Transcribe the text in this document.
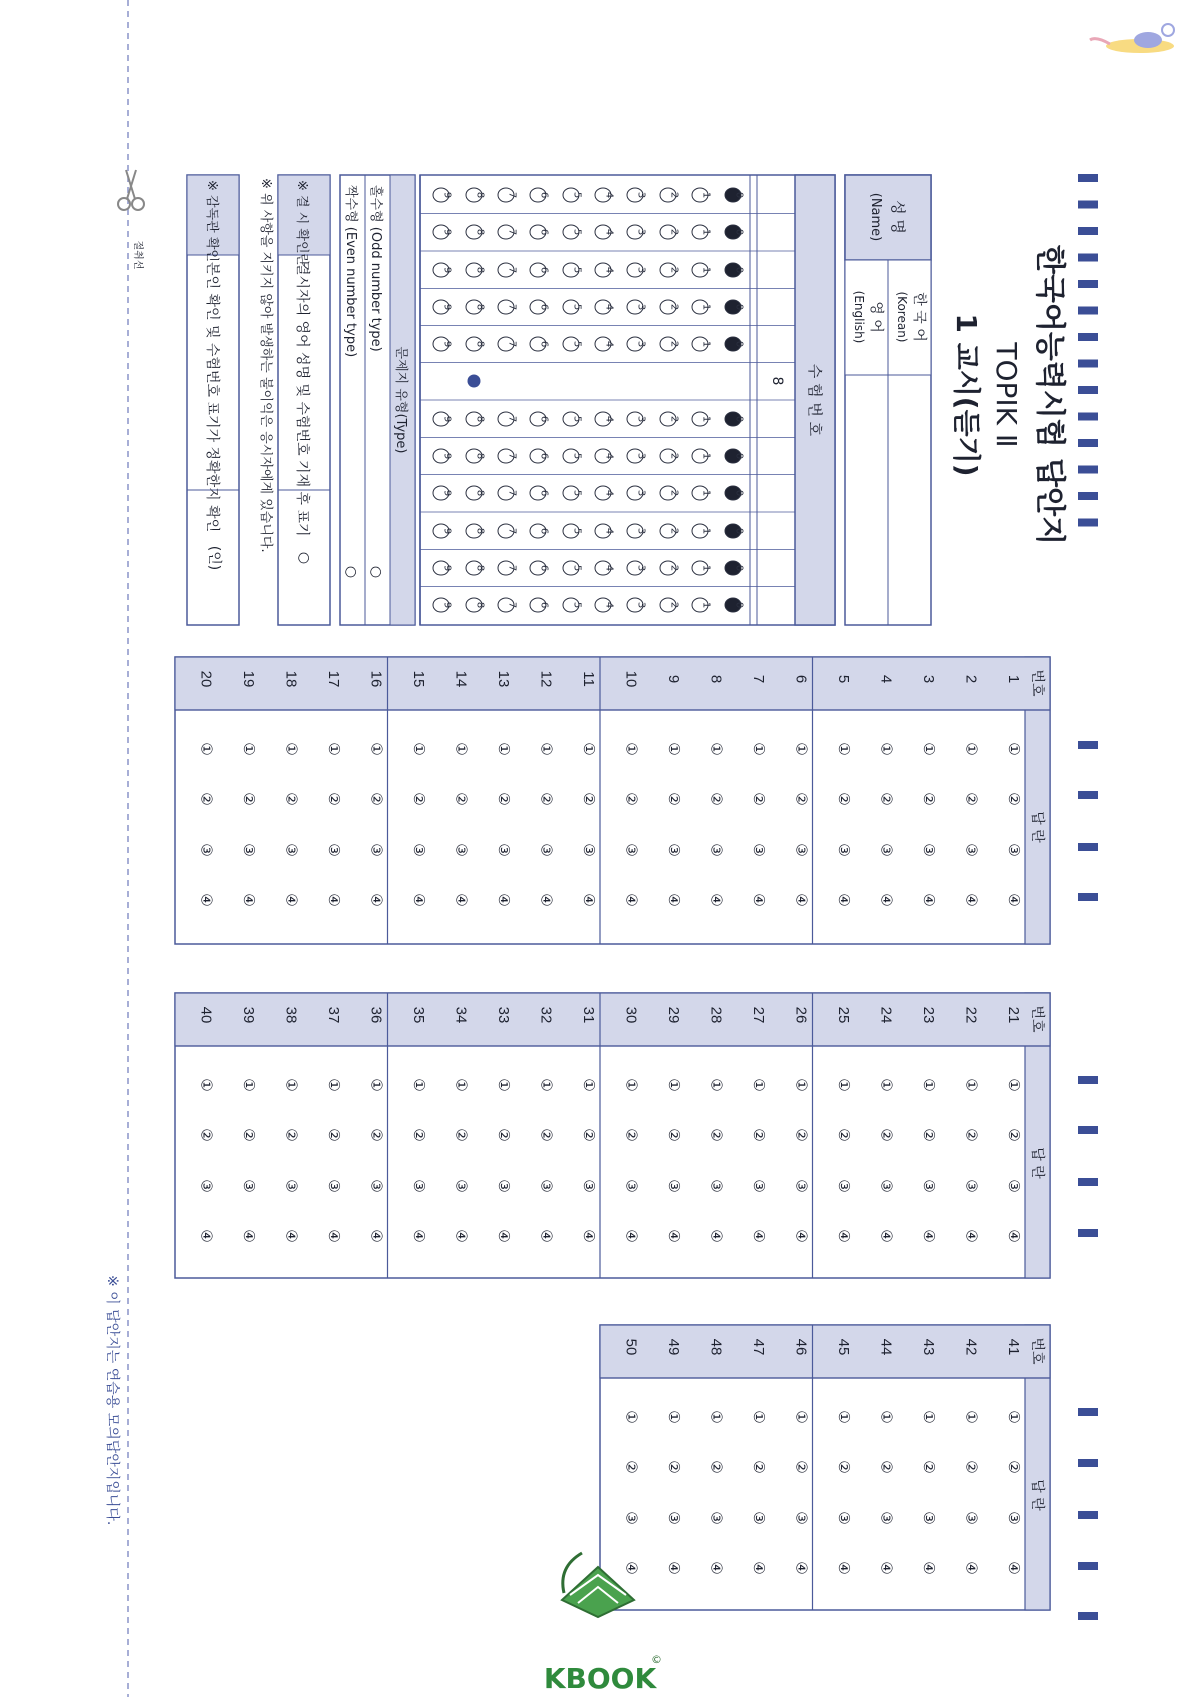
절취선	한국어능력시험 답안지
TOPIK Ⅱ
1 교시(듣기)
성 명
(Name)
한 국 어
(Korean)
영 어
(English)
수 험 번 호
8
0
1
2
3
4
5
6
7
8
9
0
1
2
3
4
5
6
7
8
9
0
1
2
3
4
5
6
7
8
9
0
1
2
3
4
5
6
7
8
9
0
1
2
3
4
5
6
7
8
9
0
1
2
3
4
5
6
7
8
9
0
1
2
3
4
5
6
7
8
9
0
1
2
3
4
5
6
7
8
9
0
1
2
3
4
5
6
7
8
9
0
1
2
3
4
5
6
7
8
9
0
1
2
3
4
5
6
7
8
9
문제지 유형(Type)
홀수형 (Odd number type)
짝수형 (Even number type)
○
○
※ 결 시 확인란
결시자의 영어 성명 및 수험번호 기재 후 표기
○
※ 위 사항을 지키지 않아 발생하는 불이익은 응시자에게 있습니다.
※ 감독관 확인
본인 확인 및 수험번호 표기가 정확한지 확인
(인)
번호
답 란
1
①
②
③
④
2
①
②
③
④
3
①
②
③
④
4
①
②
③
④
5
①
②
③
④
6
①
②
③
④
7
①
②
③
④
8
①
②
③
④
9
①
②
③
④
10
①
②
③
④
11
①
②
③
④
12
①
②
③
④
13
①
②
③
④
14
①
②
③
④
15
①
②
③
④
16
①
②
③
④
17
①
②
③
④
18
①
②
③
④
19
①
②
③
④
20
①
②
③
④
번호
답 란
21
①
②
③
④
22
①
②
③
④
23
①
②
③
④
24
①
②
③
④
25
①
②
③
④
26
①
②
③
④
27
①
②
③
④
28
①
②
③
④
29
①
②
③
④
30
①
②
③
④
31
①
②
③
④
32
①
②
③
④
33
①
②
③
④
34
①
②
③
④
35
①
②
③
④
36
①
②
③
④
37
①
②
③
④
38
①
②
③
④
39
①
②
③
④
40
①
②
③
④
번호
답 란
41
①
②
③
④
42
①
②
③
④
43
①
②
③
④
44
①
②
③
④
45
①
②
③
④
46
①
②
③
④
47
①
②
③
④
48
①
②
③
④
49
①
②
③
④
50
①
②
③
④
※ 이 답안지는 연습용 모의답안지입니다.
KBOOK
©
